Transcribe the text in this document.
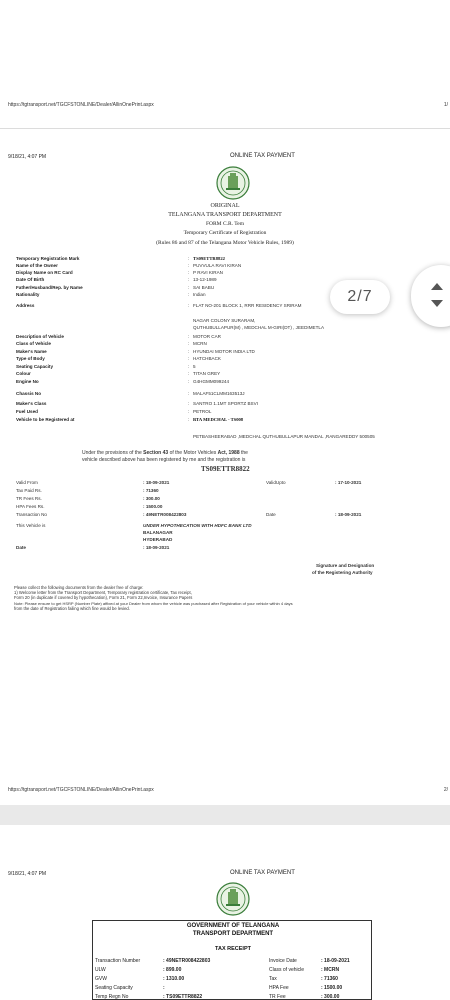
https://tgtransport.net/TGCFSTONLINE/Dealer/AllinOnePrint.aspx	1/
9/18/21, 4:07 PM	ONLINE TAX PAYMENT
ORIGINAL
TELANGANA TRANSPORT DEPARTMENT
FORM C.R. Tem
Temporary Certificate of Registration
(Rules 86 and 87 of the Telangana Motor Vehicle Rules, 1989)
Temporary Registration Mark	: TS09ETTR8822
Name of the Owner	: PUVVULA RAVI KIRAN
Display Name on RC Card	: P RAVI KIRAN
Date Of Birth	: 13-12-1989
Father/Husband/Rep. by Name	: SAI BABU
Nationality	: Indian
Address	: FLAT NO-201 BLOCK 1, RRR RESIDENCY SRIRAM
NAGAR COLONY SURARAM,
QUTHUBULLAPUR(M) , MEDCHAL M-GIRI(DT) , JEEDIMETLA
Description of Vehicle	: MOTOR CAR
Class of Vehicle	: MCRN
Maker's Name	: HYUNDAI MOTOR INDIA LTD
Type of Body	: HATCHBACK
Seating Capacity	: 5
Colour	: TITAN GREY
Engine No	: G4HGMM099244
Chassis No	: MALAF51CLMM163513J
Maker's Class	: SANTRO 1.1MT SPORTZ BSVI
Fuel Used	: PETROL
Vehicle to be Registered at	: RTA MEDCHAL - TS008
PETBASHEERABAD ,MEDCHAL QUTHUBULLAPUR MANDAL ,RANGAREDDY 500505
Under the provisions of the Section 43 of the Motor Vehicles Act, 1988 the
vehicle described above has been registered by me and the registration is
TS09ETTR8822
Valid From	: 18-09-2021	ValidUpto	: 17-10-2021
Tax Paid Rs.	: 71360
TR Fees Rs.	: 300.00
HPA Fees Rs.	: 1500.00
Transaction No	: 49NETR008422803	Date	: 18-09-2021
This Vehicle is	UNDER HYPOTHECATION WITH HDFC BANK LTD
BALANAGAR
HYDERABAD
Date	: 18-09-2021
Signature and Designation
of the Registering Authority
Please collect the following documents from the dealer free of charge:
1) Welcome letter from the Transport Department, Temporary registration certificate, Tax receipt,
Form 20 (in duplicate if covered by hypothecation), Form 21, Form 22,Invoice, Insurance Papers
Note: Please ensure to get HSRP (Number Plate) affixed at your Dealer from whom the vehicle was purchased after Registration of your vehicle within 4 days
from the date of Registration failing which fine would be levied.
https://tgtransport.net/TGCFSTONLINE/Dealer/AllinOnePrint.aspx	2/
2/7
9/18/21, 4:07 PM	ONLINE TAX PAYMENT
GOVERNMENT OF TELANGANA
TRANSPORT DEPARTMENT
TAX RECEIPT
Transaction Number	: 49NETR008422803	Invoice Date	: 18-09-2021
ULW	: 899.00	Class of vehicle	: MCRN
GVW	: 1310.00	Tax	: 71360
Seating Capacity	:	HPA Fee	: 1500.00
Temp Regn No	: TS09ETTR8822	TR Fee	: 300.00
